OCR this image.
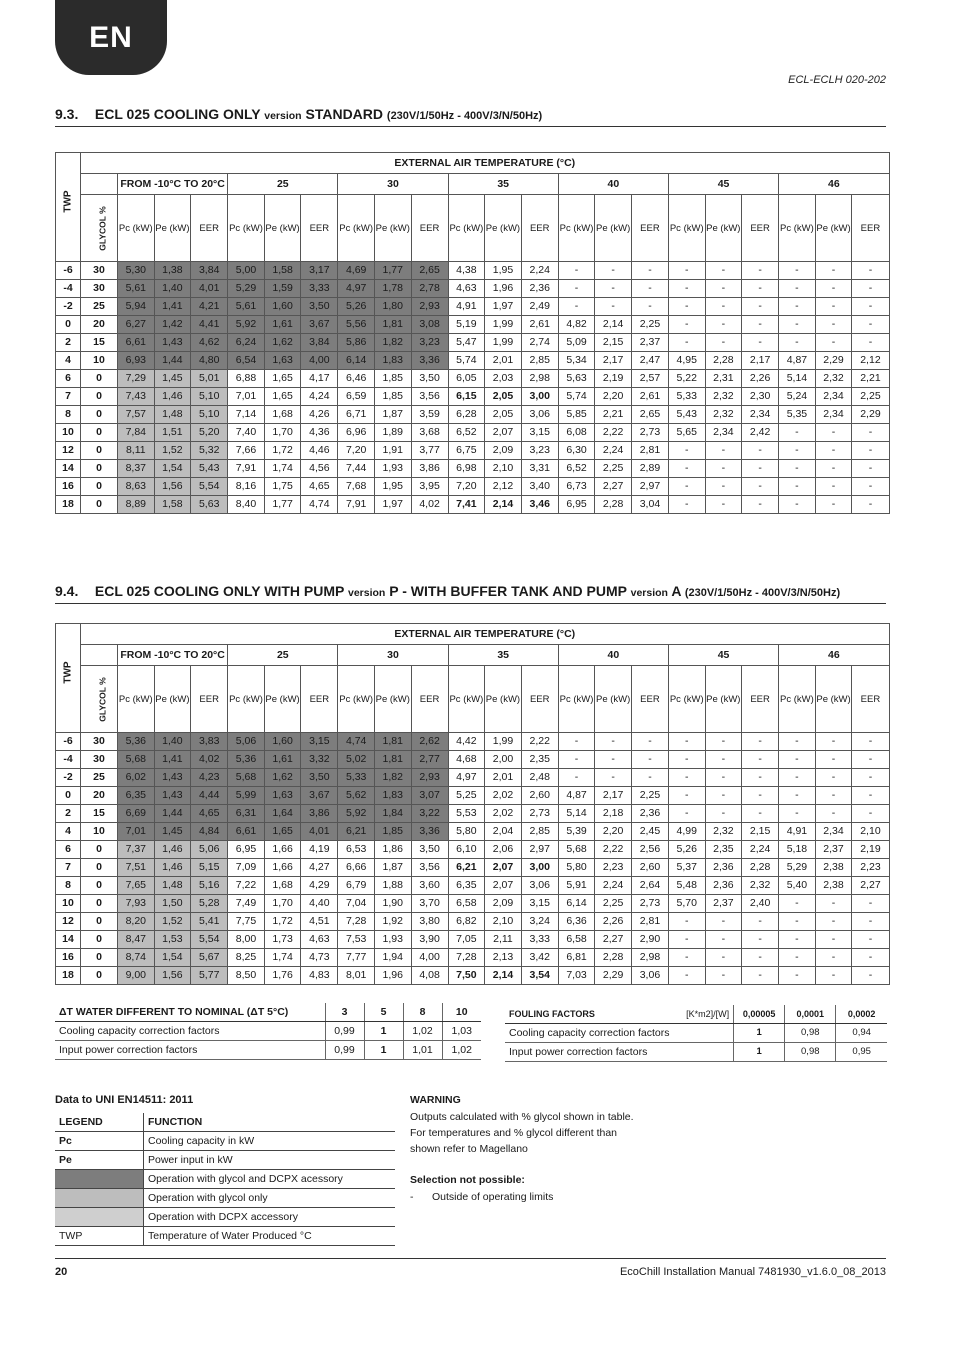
EN
ECL-ECLH 020-202
9.3. ECL 025 COOLING ONLY version STANDARD (230V/1/50Hz - 400V/3/N/50Hz)
TWP	EXTERNAL AIR TEMPERATURE (°C)																					
		FROM -10°C TO 20°C			25			30			35			40			45			46		
	GLYCOL %	Pc (kW)	Pe (kW)	EER	Pc (kW)	Pe (kW)	EER	Pc (kW)	Pe (kW)	EER	Pc (kW)	Pe (kW)	EER	Pc (kW)	Pe (kW)	EER	Pc (kW)	Pe (kW)	EER	Pc (kW)	Pe (kW)	EER
-6	30	5,30	1,38	3,84	5,00	1,58	3,17	4,69	1,77	2,65	4,38	1,95	2,24	-	-	-	-	-	-	-	-	-
-4	30	5,61	1,40	4,01	5,29	1,59	3,33	4,97	1,78	2,78	4,63	1,96	2,36	-	-	-	-	-	-	-	-	-
-2	25	5,94	1,41	4,21	5,61	1,60	3,50	5,26	1,80	2,93	4,91	1,97	2,49	-	-	-	-	-	-	-	-	-
0	20	6,27	1,42	4,41	5,92	1,61	3,67	5,56	1,81	3,08	5,19	1,99	2,61	4,82	2,14	2,25	-	-	-	-	-	-
2	15	6,61	1,43	4,62	6,24	1,62	3,84	5,86	1,82	3,23	5,47	1,99	2,74	5,09	2,15	2,37	-	-	-	-	-	-
4	10	6,93	1,44	4,80	6,54	1,63	4,00	6,14	1,83	3,36	5,74	2,01	2,85	5,34	2,17	2,47	4,95	2,28	2,17	4,87	2,29	2,12
6	0	7,29	1,45	5,01	6,88	1,65	4,17	6,46	1,85	3,50	6,05	2,03	2,98	5,63	2,19	2,57	5,22	2,31	2,26	5,14	2,32	2,21
7	0	7,43	1,46	5,10	7,01	1,65	4,24	6,59	1,85	3,56	6,15	2,05	3,00	5,74	2,20	2,61	5,33	2,32	2,30	5,24	2,34	2,25
8	0	7,57	1,48	5,10	7,14	1,68	4,26	6,71	1,87	3,59	6,28	2,05	3,06	5,85	2,21	2,65	5,43	2,32	2,34	5,35	2,34	2,29
10	0	7,84	1,51	5,20	7,40	1,70	4,36	6,96	1,89	3,68	6,52	2,07	3,15	6,08	2,22	2,73	5,65	2,34	2,42	-	-	-
12	0	8,11	1,52	5,32	7,66	1,72	4,46	7,20	1,91	3,77	6,75	2,09	3,23	6,30	2,24	2,81	-	-	-	-	-	-
14	0	8,37	1,54	5,43	7,91	1,74	4,56	7,44	1,93	3,86	6,98	2,10	3,31	6,52	2,25	2,89	-	-	-	-	-	-
16	0	8,63	1,56	5,54	8,16	1,75	4,65	7,68	1,95	3,95	7,20	2,12	3,40	6,73	2,27	2,97	-	-	-	-	-	-
18	0	8,89	1,58	5,63	8,40	1,77	4,74	7,91	1,97	4,02	7,41	2,14	3,46	6,95	2,28	3,04	-	-	-	-	-	-
9.4. ECL 025 COOLING ONLY WITH PUMP version P - WITH BUFFER TANK AND PUMP version A (230V/1/50Hz - 400V/3/N/50Hz)
TWP	EXTERNAL AIR TEMPERATURE (°C)																					
		FROM -10°C TO 20°C			25			30			35			40			45			46		
	GLYCOL %	Pc (kW)	Pe (kW)	EER	Pc (kW)	Pe (kW)	EER	Pc (kW)	Pe (kW)	EER	Pc (kW)	Pe (kW)	EER	Pc (kW)	Pe (kW)	EER	Pc (kW)	Pe (kW)	EER	Pc (kW)	Pe (kW)	EER
-6	30	5,36	1,40	3,83	5,06	1,60	3,15	4,74	1,81	2,62	4,42	1,99	2,22	-	-	-	-	-	-	-	-	-
-4	30	5,68	1,41	4,02	5,36	1,61	3,32	5,02	1,81	2,77	4,68	2,00	2,35	-	-	-	-	-	-	-	-	-
-2	25	6,02	1,43	4,23	5,68	1,62	3,50	5,33	1,82	2,93	4,97	2,01	2,48	-	-	-	-	-	-	-	-	-
0	20	6,35	1,43	4,44	5,99	1,63	3,67	5,62	1,83	3,07	5,25	2,02	2,60	4,87	2,17	2,25	-	-	-	-	-	-
2	15	6,69	1,44	4,65	6,31	1,64	3,86	5,92	1,84	3,22	5,53	2,02	2,73	5,14	2,18	2,36	-	-	-	-	-	-
4	10	7,01	1,45	4,84	6,61	1,65	4,01	6,21	1,85	3,36	5,80	2,04	2,85	5,39	2,20	2,45	4,99	2,32	2,15	4,91	2,34	2,10
6	0	7,37	1,46	5,06	6,95	1,66	4,19	6,53	1,86	3,50	6,10	2,06	2,97	5,68	2,22	2,56	5,26	2,35	2,24	5,18	2,37	2,19
7	0	7,51	1,46	5,15	7,09	1,66	4,27	6,66	1,87	3,56	6,21	2,07	3,00	5,80	2,23	2,60	5,37	2,36	2,28	5,29	2,38	2,23
8	0	7,65	1,48	5,16	7,22	1,68	4,29	6,79	1,88	3,60	6,35	2,07	3,06	5,91	2,24	2,64	5,48	2,36	2,32	5,40	2,38	2,27
10	0	7,93	1,50	5,28	7,49	1,70	4,40	7,04	1,90	3,70	6,58	2,09	3,15	6,14	2,25	2,73	5,70	2,37	2,40	-	-	-
12	0	8,20	1,52	5,41	7,75	1,72	4,51	7,28	1,92	3,80	6,82	2,10	3,24	6,36	2,26	2,81	-	-	-	-	-	-
14	0	8,47	1,53	5,54	8,00	1,73	4,63	7,53	1,93	3,90	7,05	2,11	3,33	6,58	2,27	2,90	-	-	-	-	-	-
16	0	8,74	1,54	5,67	8,25	1,74	4,73	7,77	1,94	4,00	7,28	2,13	3,42	6,81	2,28	2,98	-	-	-	-	-	-
18	0	9,00	1,56	5,77	8,50	1,76	4,83	8,01	1,96	4,08	7,50	2,14	3,54	7,03	2,29	3,06	-	-	-	-	-	-
ΔT WATER DIFFERENT TO NOMINAL (ΔT 5°C)	3	5	8	10
Cooling capacity correction factors	0,99	1	1,02	1,03
Input power correction factors	0,99	1	1,01	1,02
FOULING FACTORS	[K*m2]/[W]	0,00005	0,0001	0,0002
Cooling capacity correction factors		1	0,98	0,94
Input power correction factors		1	0,98	0,95
Data to UNI EN14511: 2011
LEGEND	FUNCTION
Pc	Cooling capacity in kW
Pe	Power input in kW
	Operation with glycol and DCPX acessory
	Operation with glycol only
	Operation with DCPX accessory
TWP	Temperature of Water Produced °C
WARNING
Outputs calculated with % glycol shown in table.
For temperatures and % glycol different than
shown refer to Magellano
Selection not possible:
- Outside of operating limits
20	EcoChill Installation Manual 7481930_v1.6.0_08_2013
